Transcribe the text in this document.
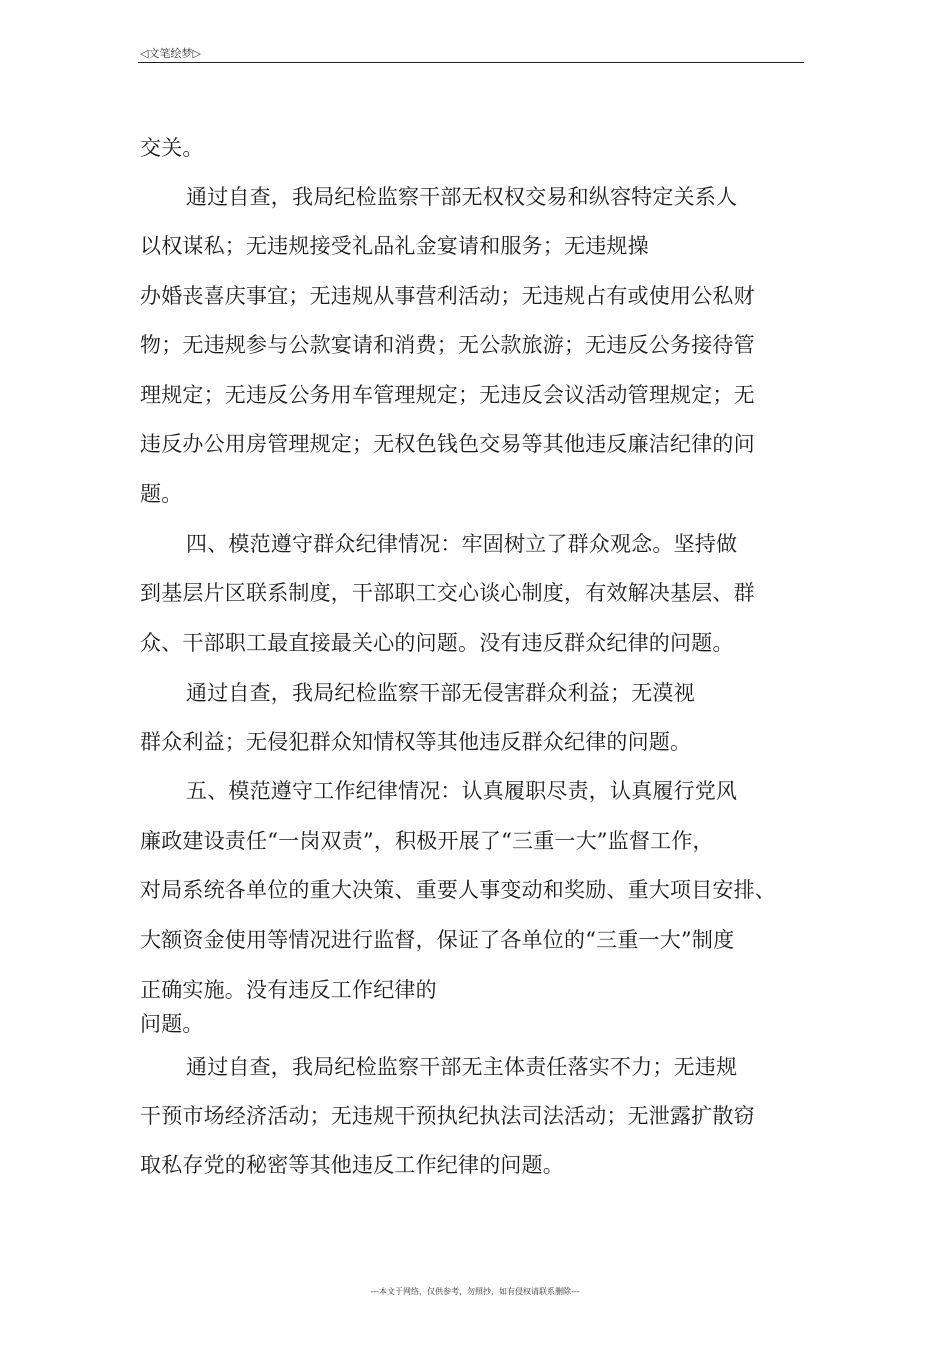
◁文笔绘梦▷
交关。
通过自查，我局纪检监察干部无权权交易和纵容特定关系人
以权谋私；无违规接受礼品礼金宴请和服务；无违规操
办婚丧喜庆事宜；无违规从事营利活动；无违规占有或使用公私财
物；无违规参与公款宴请和消费；无公款旅游；无违反公务接待管
理规定；无违反公务用车管理规定；无违反会议活动管理规定；无
违反办公用房管理规定；无权色钱色交易等其他违反廉洁纪律的问
题。
四、模范遵守群众纪律情况：牢固树立了群众观念。坚持做
到基层片区联系制度，干部职工交心谈心制度，有效解决基层、群
众、干部职工最直接最关心的问题。没有违反群众纪律的问题。
通过自查，我局纪检监察干部无侵害群众利益；无漠视
群众利益；无侵犯群众知情权等其他违反群众纪律的问题。
五、模范遵守工作纪律情况：认真履职尽责，认真履行党风
廉政建设责任“一岗双责”，积极开展了“三重一大”监督工作，
对局系统各单位的重大决策、重要人事变动和奖励、重大项目安排、
大额资金使用等情况进行监督，保证了各单位的“三重一大”制度
正确实施。没有违反工作纪律的
问题。
通过自查，我局纪检监察干部无主体责任落实不力；无违规
干预市场经济活动；无违规干预执纪执法司法活动；无泄露扩散窃
取私存党的秘密等其他违反工作纪律的问题。
---本文于网络，仅供参考，勿照抄，如有侵权请联系删除---
